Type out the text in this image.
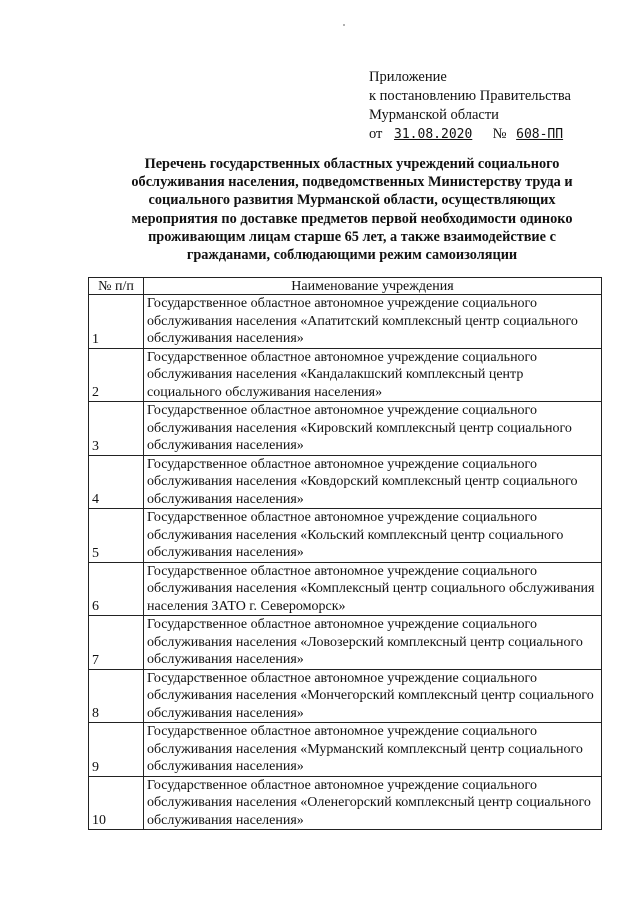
Приложение
к постановлению Правительства
Мурманской области
от 31.08.2020 № 608-ПП
Перечень государственных областных учреждений социального обслуживания населения, подведомственных Министерству труда и социального развития Мурманской области, осуществляющих мероприятия по доставке предметов первой необходимости одиноко проживающим лицам старше 65 лет, а также взаимодействие с гражданами, соблюдающими режим самоизоляции
№ п/п	Наименование учреждения
1	Государственное областное автономное учреждение социального обслуживания населения «Апатитский комплексный центр социального обслуживания населения»
2	Государственное областное автономное учреждение социального обслуживания населения «Кандалакшский комплексный центр социального обслуживания населения»
3	Государственное областное автономное учреждение социального обслуживания населения «Кировский комплексный центр социального обслуживания населения»
4	Государственное областное автономное учреждение социального обслуживания населения «Ковдорский комплексный центр социального обслуживания населения»
5	Государственное областное автономное учреждение социального обслуживания населения «Кольский комплексный центр социального обслуживания населения»
6	Государственное областное автономное учреждение социального обслуживания населения «Комплексный центр социального обслуживания населения ЗАТО г. Североморск»
7	Государственное областное автономное учреждение социального обслуживания населения «Ловозерский комплексный центр социального обслуживания населения»
8	Государственное областное автономное учреждение социального обслуживания населения «Мончегорский комплексный центр социального обслуживания населения»
9	Государственное областное автономное учреждение социального обслуживания населения «Мурманский комплексный центр социального обслуживания населения»
10	Государственное областное автономное учреждение социального обслуживания населения «Оленегорский комплексный центр социального обслуживания населения»
